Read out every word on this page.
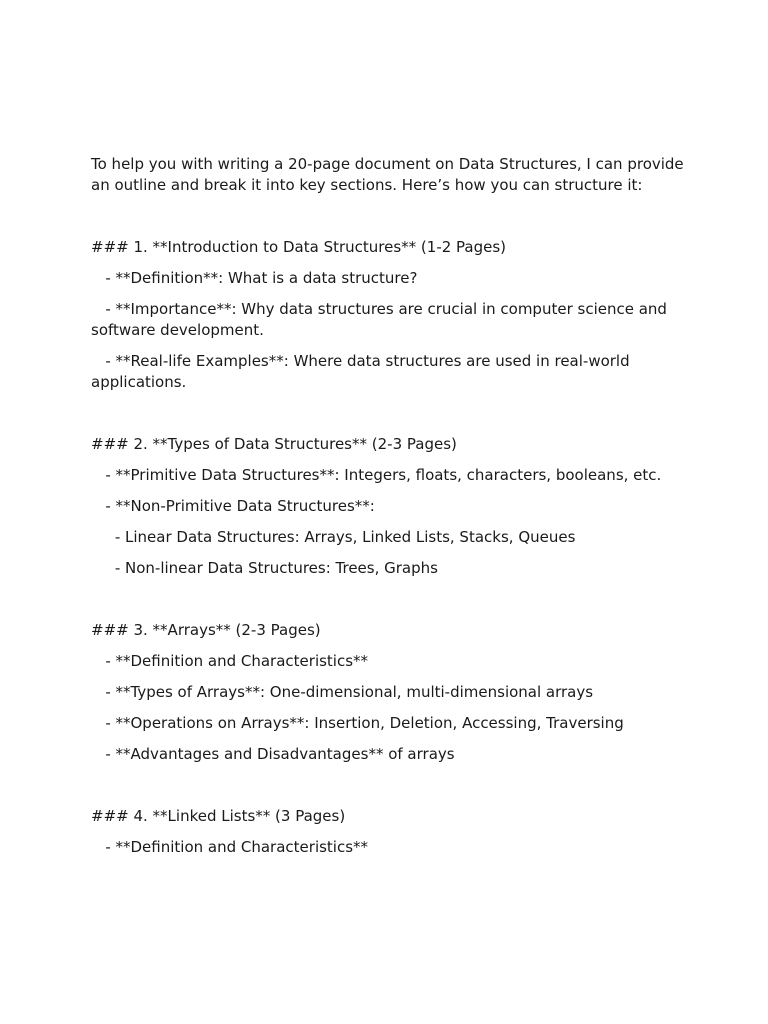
To help you with writing a 20-page document on Data Structures, I can provide an outline and break it into key sections. Here’s how you can structure it:

### 1. **Introduction to Data Structures** (1-2 Pages)

- **Definition**: What is a data structure?

- **Importance**: Why data structures are crucial in computer science and software development.

- **Real-life Examples**: Where data structures are used in real-world applications.

### 2. **Types of Data Structures** (2-3 Pages)

- **Primitive Data Structures**: Integers, floats, characters, booleans, etc.

- **Non-Primitive Data Structures**:

- Linear Data Structures: Arrays, Linked Lists, Stacks, Queues

- Non-linear Data Structures: Trees, Graphs

### 3. **Arrays** (2-3 Pages)

- **Definition and Characteristics**

- **Types of Arrays**: One-dimensional, multi-dimensional arrays

- **Operations on Arrays**: Insertion, Deletion, Accessing, Traversing

- **Advantages and Disadvantages** of arrays

### 4. **Linked Lists** (3 Pages)

- **Definition and Characteristics**
